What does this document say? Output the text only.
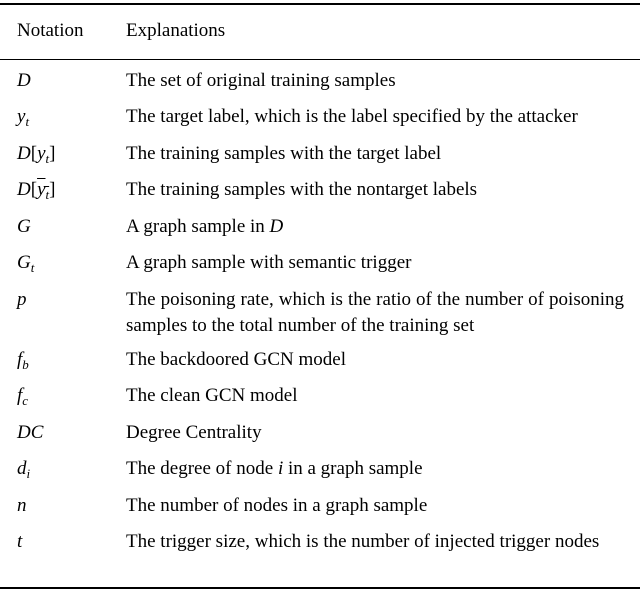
Notation	Explanations
D	The set of original training samples
$y_t$	The target label, which is the label specified by the attacker
$D[y_t]$	The training samples with the target label
$D[y_t]$	The training samples with the nontarget labels
G	A graph sample in D
$G_t$	A graph sample with semantic trigger
p	The poisoning rate, which is the ratio of the number of poisoning samples to the total number of the training set
$f_b$	The backdoored GCN model
$f_c$	The clean GCN model
DC	Degree Centrality
$d_i$	The degree of node i in a graph sample
n	The number of nodes in a graph sample
t	The trigger size, which is the number of injected trigger nodes
